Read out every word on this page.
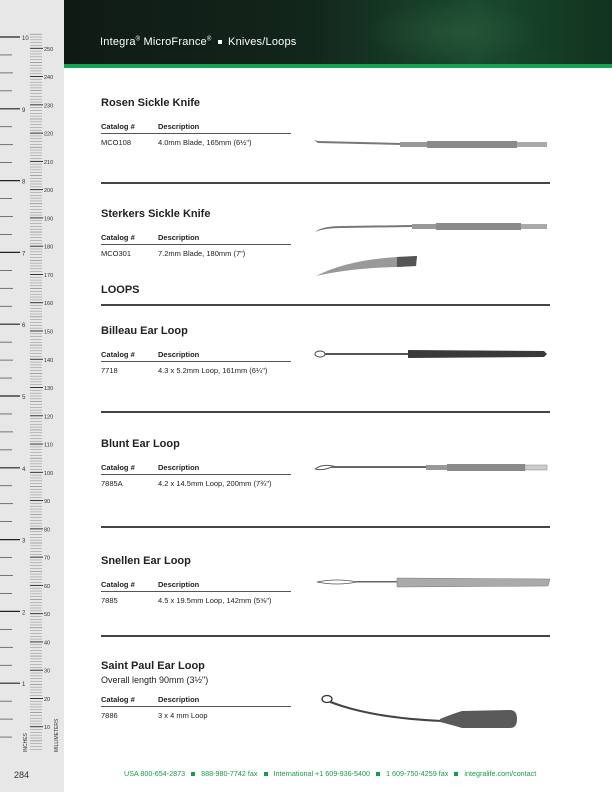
10
9
8
7
6
5
4
3
2
1
250
240
230
220
210
200
190
180
170
160
150
140
130
120
110
100
90
80
70
60
50
40
30
20
10
INCHES	MILLIMETERS
284
Integra® MicroFrance® Knives/Loops
Rosen Sickle Knife
Catalog #	Description
MCO108	4.0mm Blade, 165mm (6½")
Sterkers Sickle Knife
Catalog #	Description
MCO301	7.2mm Blade, 180mm (7")
LOOPS
Billeau Ear Loop
Catalog #	Description
7718	4.3 x 5.2mm Loop, 161mm (6¼")
Blunt Ear Loop
Catalog #	Description
7885A	4.2 x 14.5mm Loop, 200mm (7¾")
Snellen Ear Loop
Catalog #	Description
7885	4.5 x 19.5mm Loop, 142mm (5⅝")
Saint Paul Ear Loop
Overall length 90mm (3½")
Catalog #	Description
7886	3 x 4 mm Loop
USA 800-654-2873 888-980-7742 fax International +1 609-936-5400 1 609-750-4259 fax integralife.com/contact
